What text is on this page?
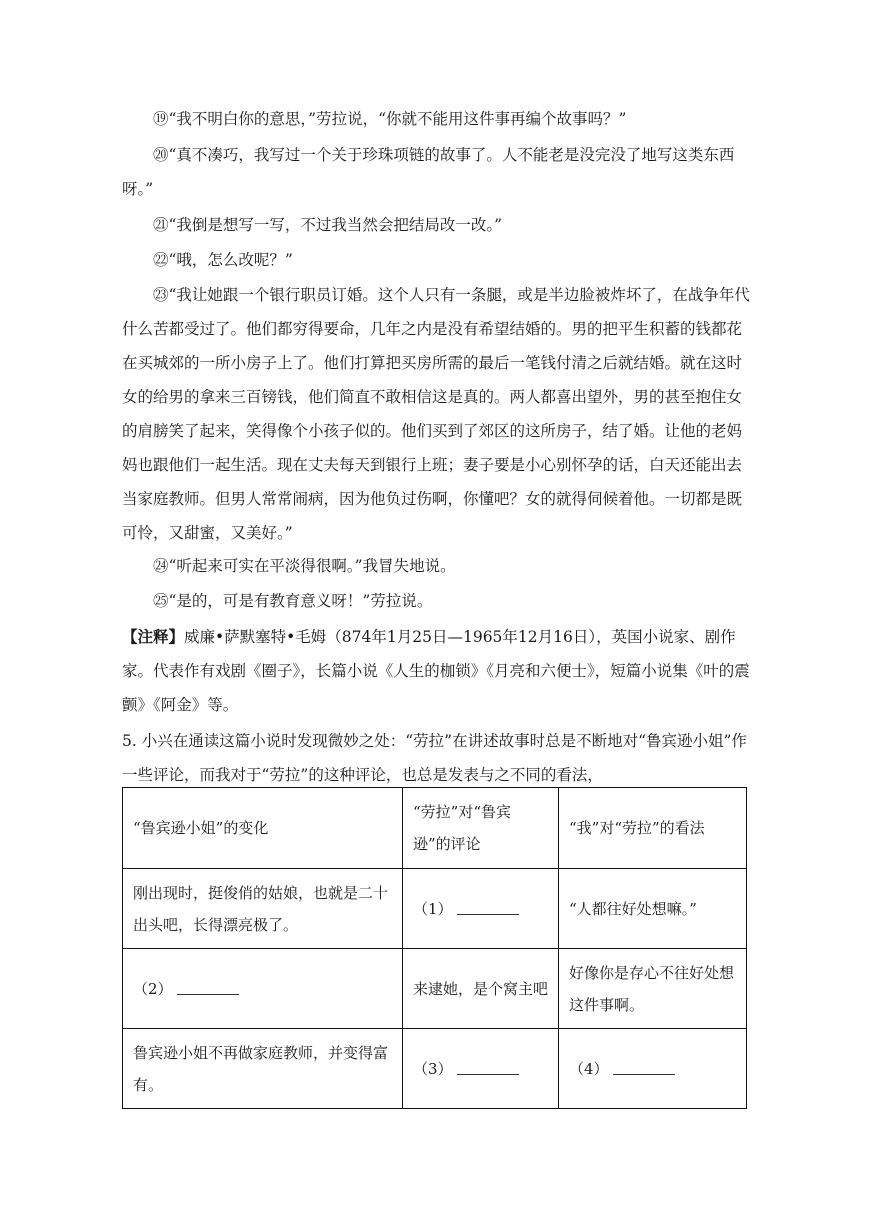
⑲“我不明白你的意思，”劳拉说，“你就不能用这件事再编个故事吗？”
⑳“真不凑巧，我写过一个关于珍珠项链的故事了。人不能老是没完没了地写这类东西呀。”
㉑“我倒是想写一写，不过我当然会把结局改一改。”
㉒“哦，怎么改呢？”
㉓“我让她跟一个银行职员订婚。这个人只有一条腿，或是半边脸被炸坏了，在战争年代什么苦都受过了。他们都穷得要命，几年之内是没有希望结婚的。男的把平生积蓄的钱都花在买城郊的一所小房子上了。他们打算把买房所需的最后一笔钱付清之后就结婚。就在这时女的给男的拿来三百镑钱，他们简直不敢相信这是真的。两人都喜出望外，男的甚至抱住女的肩膀笑了起来，笑得像个小孩子似的。他们买到了郊区的这所房子，结了婚。让他的老妈妈也跟他们一起生活。现在丈夫每天到银行上班；妻子要是小心别怀孕的话，白天还能出去当家庭教师。但男人常常闹病，因为他负过伤啊，你懂吧？女的就得伺候着他。一切都是既可怜，又甜蜜，又美好。”
㉔“听起来可实在平淡得很啊。”我冒失地说。
㉕“是的，可是有教育意义呀！”劳拉说。
【注释】威廉•萨默塞特•毛姆（874年1月25日—1965年12月16日），英国小说家、剧作家。代表作有戏剧《圈子》，长篇小说《人生的枷锁》《月亮和六便士》，短篇小说集《叶的震颤》《阿金》等。
5. 小兴在通读这篇小说时发现微妙之处：“劳拉”在讲述故事时总是不断地对“鲁宾逊小姐”作一些评论，而我对于“劳拉”的这种评论，也总是发表与之不同的看法，
“鲁宾逊小姐”的变化	“劳拉”对“鲁宾逊”的评论	“我”对“劳拉”的看法
刚出现时，挺俊俏的姑娘，也就是二十出头吧，长得漂亮极了。	（1）	“人都往好处想嘛。”
（2）	来逮她，是个窝主吧	好像你是存心不往好处想这件事啊。
鲁宾逊小姐不再做家庭教师，并变得富有。	（3）	（4）
